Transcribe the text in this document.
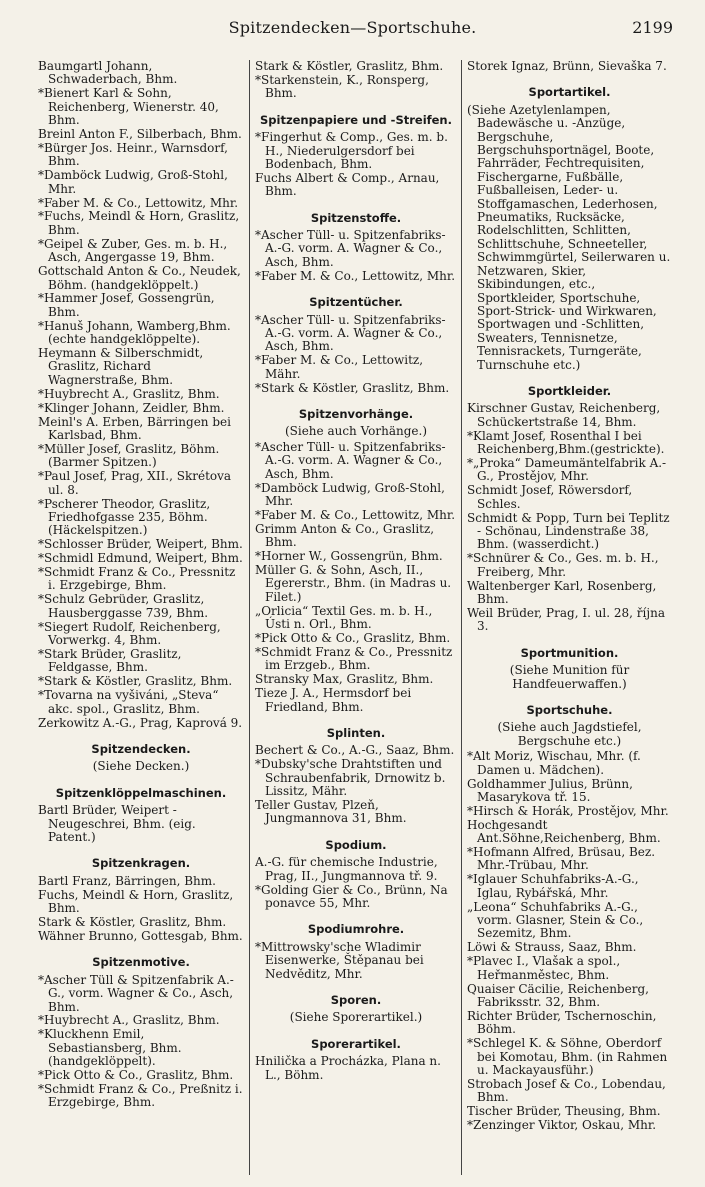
Spitzendecken—Sportschuhe.	2199
Baumgartl Johann, Schwaderbach, Bhm.
*Bienert Karl & Sohn, Reichenberg, Wienerstr. 40, Bhm.
Breinl Anton F., Silberbach, Bhm.
*Bürger Jos. Heinr., Warnsdorf, Bhm.
*Damböck Ludwig, Groß-Stohl, Mhr.
*Faber M. & Co., Lettowitz, Mhr.
*Fuchs, Meindl & Horn, Graslitz, Bhm.
*Geipel & Zuber, Ges. m. b. H., Asch, Angergasse 19, Bhm.
Gottschald Anton & Co., Neudek, Böhm. (handgeklöppelt.)
*Hammer Josef, Gossengrün, Bhm.
*Hanuš Johann, Wamberg,Bhm. (echte handgeklöppelte).
Heymann & Silberschmidt, Graslitz, Richard Wagnerstraße, Bhm.
*Huybrecht A., Graslitz, Bhm.
*Klinger Johann, Zeidler, Bhm.
Meinl's A. Erben, Bärringen bei Karlsbad, Bhm.
*Müller Josef, Graslitz, Böhm. (Barmer Spitzen.)
*Paul Josef, Prag, XII., Skrétova ul. 8.
*Pscherer Theodor, Graslitz, Friedhofgasse 235, Böhm. (Häckelspitzen.)
*Schlosser Brüder, Weipert, Bhm.
*Schmidl Edmund, Weipert, Bhm.
*Schmidt Franz & Co., Pressnitz i. Erzgebirge, Bhm.
*Schulz Gebrüder, Graslitz, Hausberggasse 739, Bhm.
*Siegert Rudolf, Reichenberg, Vorwerkg. 4, Bhm.
*Stark Brüder, Graslitz, Feldgasse, Bhm.
*Stark & Köstler, Graslitz, Bhm.
*Tovarna na vyšiváni, „Steva“ akc. spol., Graslitz, Bhm.
Zerkowitz A.-G., Prag, Kaprová 9.
Spitzendecken.
(Siehe Decken.)
Spitzenklöppelmaschinen.
Bartl Brüder, Weipert - Neugeschrei, Bhm. (eig. Patent.)
Spitzenkragen.
Bartl Franz, Bärringen, Bhm.
Fuchs, Meindl & Horn, Graslitz, Bhm.
Stark & Köstler, Graslitz, Bhm.
Wähner Brunno, Gottesgab, Bhm.
Spitzenmotive.
*Ascher Tüll & Spitzenfabrik A.-G., vorm. Wagner & Co., Asch, Bhm.
*Huybrecht A., Graslitz, Bhm.
*Kluckhenn Emil, Sebastiansberg, Bhm. (handgeklöppelt).
*Pick Otto & Co., Graslitz, Bhm.
*Schmidt Franz & Co., Preßnitz i. Erzgebirge, Bhm.
Stark & Köstler, Graslitz, Bhm.
*Starkenstein, K., Ronsperg, Bhm.
Spitzenpapiere und -Streifen.
*Fingerhut & Comp., Ges. m. b. H., Niederulgersdorf bei Bodenbach, Bhm.
Fuchs Albert & Comp., Arnau, Bhm.
Spitzenstoffe.
*Ascher Tüll- u. Spitzenfabriks-A.-G. vorm. A. Wagner & Co., Asch, Bhm.
*Faber M. & Co., Lettowitz, Mhr.
Spitzentücher.
*Ascher Tüll- u. Spitzenfabriks-A.-G. vorm. A. Wagner & Co., Asch, Bhm.
*Faber M. & Co., Lettowitz, Mähr.
*Stark & Köstler, Graslitz, Bhm.
Spitzenvorhänge.
(Siehe auch Vorhänge.)
*Ascher Tüll- u. Spitzenfabriks-A.-G. vorm. A. Wagner & Co., Asch, Bhm.
*Damböck Ludwig, Groß-Stohl, Mhr.
*Faber M. & Co., Lettowitz, Mhr.
Grimm Anton & Co., Graslitz, Bhm.
*Horner W., Gossengrün, Bhm.
Müller G. & Sohn, Asch, II., Egererstr., Bhm. (in Madras u. Filet.)
„Orlicia“ Textil Ges. m. b. H., Ústi n. Orl., Bhm.
*Pick Otto & Co., Graslitz, Bhm.
*Schmidt Franz & Co., Pressnitz im Erzgeb., Bhm.
Stransky Max, Graslitz, Bhm.
Tieze J. A., Hermsdorf bei Friedland, Bhm.
Splinten.
Bechert & Co., A.-G., Saaz, Bhm.
*Dubsky'sche Drahtstiften und Schraubenfabrik, Drnowitz b. Lissitz, Mähr.
Teller Gustav, Plzeň, Jungmannova 31, Bhm.
Spodium.
A.-G. für chemische Industrie, Prag, II., Jungmannova tř. 9.
*Golding Gier & Co., Brünn, Na ponavce 55, Mhr.
Spodiumrohre.
*Mittrowsky'sche Wladimir Eisenwerke, Štěpanau bei Nedvěditz, Mhr.
Sporen.
(Siehe Sporerartikel.)
Sporerartikel.
Hnilička a Procházka, Plana n. L., Böhm.
Storek Ignaz, Brünn, Sievaška 7.
Sportartikel.
(Siehe Azetylenlampen, Badewäsche u. -Anzüge, Bergschuhe, Bergschuhsportnägel, Boote, Fahrräder, Fechtrequisiten, Fischergarne, Fußbälle, Fußballeisen, Leder- u. Stoffgamaschen, Lederhosen, Pneumatiks, Rucksäcke, Rodelschlitten, Schlitten, Schlittschuhe, Schneeteller, Schwimmgürtel, Seilerwaren u. Netzwaren, Skier, Skibindungen, etc., Sportkleider, Sportschuhe, Sport-Strick- und Wirkwaren, Sportwagen und -Schlitten, Sweaters, Tennisnetze, Tennisrackets, Turngeräte, Turnschuhe etc.)
Sportkleider.
Kirschner Gustav, Reichenberg, Schückertstraße 14, Bhm.
*Klamt Josef, Rosenthal I bei Reichenberg,Bhm.(gestrickte).
*„Proka“ Dameumäntelfabrik A.-G., Prostějov, Mhr.
Schmidt Josef, Röwersdorf, Schles.
Schmidt & Popp, Turn bei Teplitz - Schönau, Lindenstraße 38, Bhm. (wasserdicht.)
*Schnürer & Co., Ges. m. b. H., Freiberg, Mhr.
Waltenberger Karl, Rosenberg, Bhm.
Weil Brüder, Prag, I. ul. 28, října 3.
Sportmunition.
(Siehe Munition für Handfeuerwaffen.)
Sportschuhe.
(Siehe auch Jagdstiefel, Bergschuhe etc.)
*Alt Moriz, Wischau, Mhr. (f. Damen u. Mädchen).
Goldhammer Julius, Brünn, Masarykova tř. 15.
*Hirsch & Horák, Prostějov, Mhr.
Hochgesandt Ant.Söhne,Reichenberg, Bhm.
*Hofmann Alfred, Brüsau, Bez. Mhr.-Trübau, Mhr.
*Iglauer Schuhfabriks-A.-G., Iglau, Rybářská, Mhr.
„Leona“ Schuhfabriks A.-G., vorm. Glasner, Stein & Co., Sezemitz, Bhm.
Löwi & Strauss, Saaz, Bhm.
*Plavec I., Vlašak a spol., Heřmanměstec, Bhm.
Quaiser Cäcilie, Reichenberg, Fabriksstr. 32, Bhm.
Richter Brüder, Tschernoschin, Böhm.
*Schlegel K. & Söhne, Oberdorf bei Komotau, Bhm. (in Rahmen u. Mackayausführ.)
Strobach Josef & Co., Lobendau, Bhm.
Tischer Brüder, Theusing, Bhm.
*Zenzinger Viktor, Oskau, Mhr.
